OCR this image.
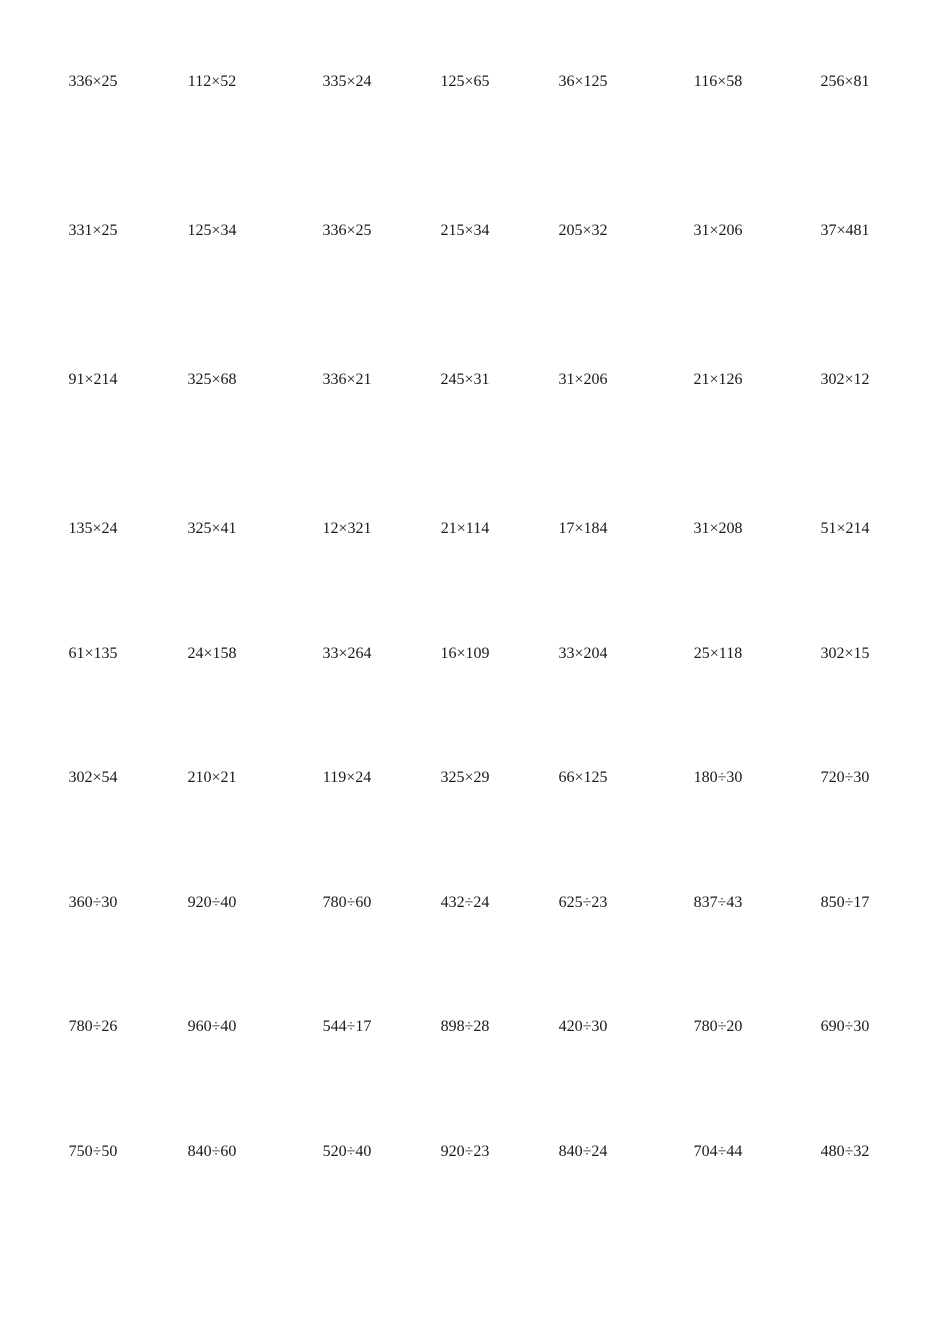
336×25	112×52	335×24	125×65	36×125	116×58	256×81
331×25	125×34	336×25	215×34	205×32	31×206	37×481
91×214	325×68	336×21	245×31	31×206	21×126	302×12
135×24	325×41	12×321	21×114	17×184	31×208	51×214
61×135	24×158	33×264	16×109	33×204	25×118	302×15
302×54	210×21	119×24	325×29	66×125	180÷30	720÷30
360÷30	920÷40	780÷60	432÷24	625÷23	837÷43	850÷17
780÷26	960÷40	544÷17	898÷28	420÷30	780÷20	690÷30
750÷50	840÷60	520÷40	920÷23	840÷24	704÷44	480÷32
